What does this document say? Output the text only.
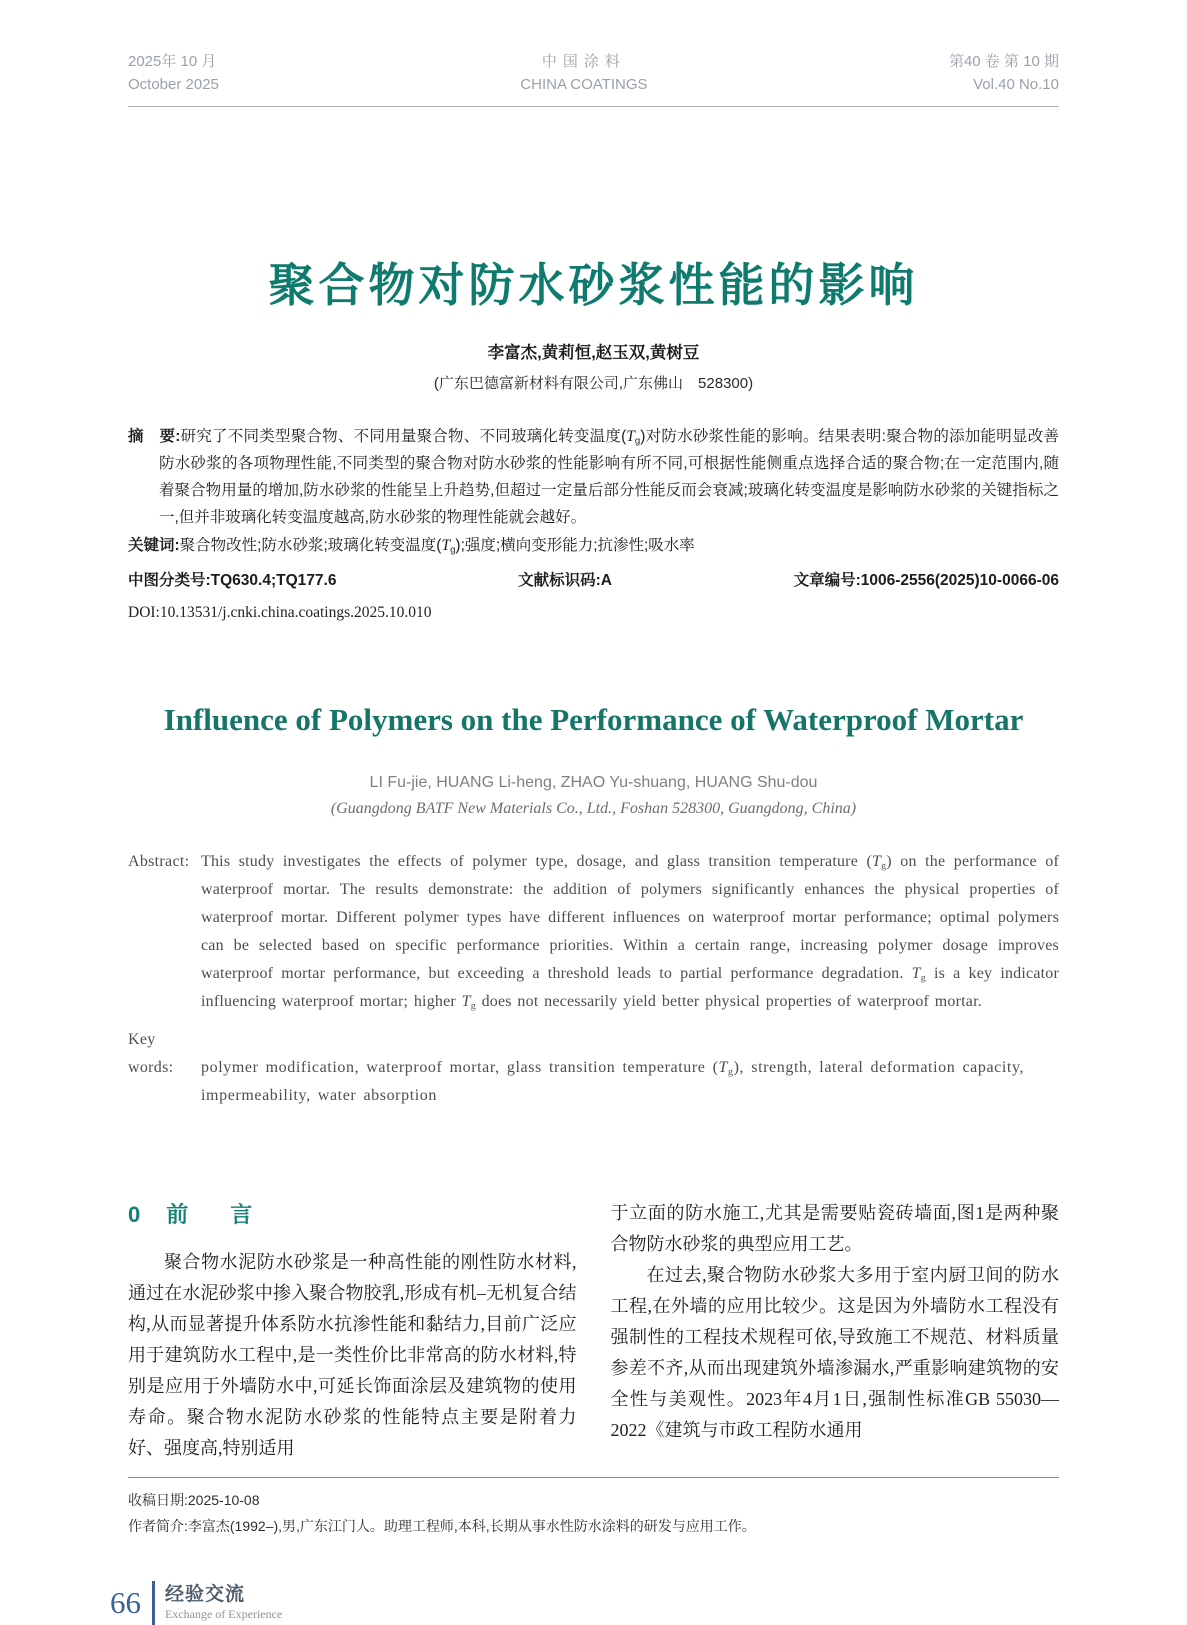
2025年 10 月
October 2025
中国涂料
CHINA COATINGS
第40 卷 第 10 期
Vol.40 No.10
聚合物对防水砂浆性能的影响
李富杰,黄莉恒,赵玉双,黄树豆
(广东巴德富新材料有限公司,广东佛山　528300)

摘　要:研究了不同类型聚合物、不同用量聚合物、不同玻璃化转变温度$(T_g)$对防水砂浆性能的影响。结果表明:聚合物的添加能明显改善防水砂浆的各项物理性能,不同类型的聚合物对防水砂浆的性能影响有所不同,可根据性能侧重点选择合适的聚合物;在一定范围内,随着聚合物用量的增加,防水砂浆的性能呈上升趋势,但超过一定量后部分性能反而会衰减;玻璃化转变温度是影响防水砂浆的关键指标之一,但并非玻璃化转变温度越高,防水砂浆的物理性能就会越好。

关键词:聚合物改性;防水砂浆;玻璃化转变温度$(T_g)$;强度;横向变形能力;抗渗性;吸水率

中图分类号:TQ630.4;TQ177.6	文献标识码:A	文章编号:1006-2556(2025)10-0066-06
DOI:10.13531/j.cnki.china.coatings.2025.10.010
Influence of Polymers on the Performance of Waterproof Mortar
LI Fu-jie, HUANG Li-heng, ZHAO Yu-shuang, HUANG Shu-dou
(Guangdong BATF New Materials Co., Ltd., Foshan 528300, Guangdong, China)

Abstract: This study investigates the effects of polymer type, dosage, and glass transition temperature $(T_g)$ on the performance of waterproof mortar. The results demonstrate: the addition of polymers significantly enhances the physical properties of waterproof mortar. Different polymer types have different influences on waterproof mortar performance; optimal polymers can be selected based on specific performance priorities. Within a certain range, increasing polymer dosage improves waterproof mortar performance, but exceeding a threshold leads to partial performance degradation. $T_g$ is a key indicator influencing waterproof mortar; higher $T_g$ does not necessarily yield better physical properties of waterproof mortar.

Key words: polymer modification, waterproof mortar, glass transition temperature $(T_g)$, strength, lateral deformation capacity, impermeability, water absorption

0 前　言

聚合物水泥防水砂浆是一种高性能的刚性防水材料,通过在水泥砂浆中掺入聚合物胶乳,形成有机–无机复合结构,从而显著提升体系防水抗渗性能和黏结力,目前广泛应用于建筑防水工程中,是一类性价比非常高的防水材料,特别是应用于外墙防水中,可延长饰面涂层及建筑物的使用寿命。聚合物水泥防水砂浆的性能特点主要是附着力好、强度高,特别适用

于立面的防水施工,尤其是需要贴瓷砖墙面,图1是两种聚合物防水砂浆的典型应用工艺。

在过去,聚合物防水砂浆大多用于室内厨卫间的防水工程,在外墙的应用比较少。这是因为外墙防水工程没有强制性的工程技术规程可依,导致施工不规范、材料质量参差不齐,从而出现建筑外墙渗漏水,严重影响建筑物的安全性与美观性。2023年4月1日,强制性标准GB 55030—2022《建筑与市政工程防水通用

收稿日期:2025-10-08
作者简介:李富杰(1992–),男,广东江门人。助理工程师,本科,长期从事水性防水涂料的研发与应用工作。
66 经验交流
Exchange of Experience
